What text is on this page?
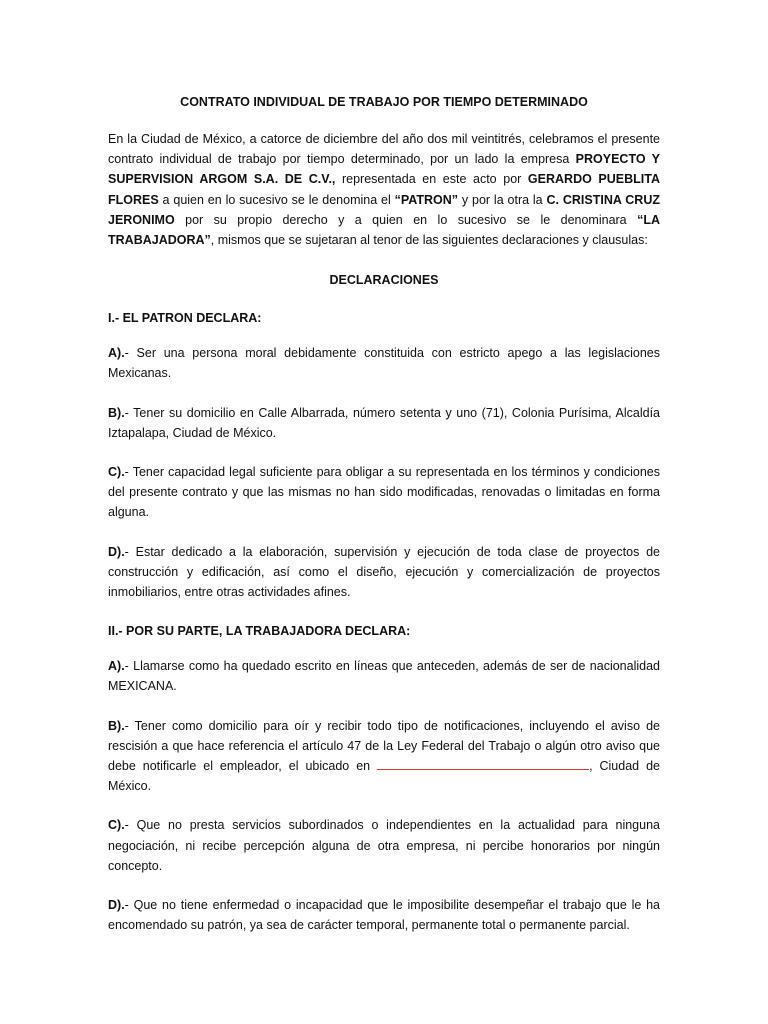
CONTRATO INDIVIDUAL DE TRABAJO POR TIEMPO DETERMINADO

En la Ciudad de México, a catorce de diciembre del año dos mil veintitrés, celebramos el presente contrato individual de trabajo por tiempo determinado, por un lado la empresa PROYECTO Y SUPERVISION ARGOM S.A. DE C.V., representada en este acto por GERARDO PUEBLITA FLORES a quien en lo sucesivo se le denomina el “PATRON” y por la otra la C. CRISTINA CRUZ JERONIMO por su propio derecho y a quien en lo sucesivo se le denominara “LA TRABAJADORA”, mismos que se sujetaran al tenor de las siguientes declaraciones y clausulas:

DECLARACIONES
I.- EL PATRON DECLARA:

A).- Ser una persona moral debidamente constituida con estricto apego a las legislaciones Mexicanas.

B).- Tener su domicilio en Calle Albarrada, número setenta y uno (71), Colonia Purísima, Alcaldía Iztapalapa, Ciudad de México.

C).- Tener capacidad legal suficiente para obligar a su representada en los términos y condiciones del presente contrato y que las mismas no han sido modificadas, renovadas o limitadas en forma alguna.

D).- Estar dedicado a la elaboración, supervisión y ejecución de toda clase de proyectos de construcción y edificación, así como el diseño, ejecución y comercialización de proyectos inmobiliarios, entre otras actividades afines.

II.- POR SU PARTE, LA TRABAJADORA DECLARA:

A).- Llamarse como ha quedado escrito en líneas que anteceden, además de ser de nacionalidad MEXICANA.

B).- Tener como domicilio para oír y recibir todo tipo de notificaciones, incluyendo el aviso de rescisión a que hace referencia el artículo 47 de la Ley Federal del Trabajo o algún otro aviso que debe notificarle el empleador, el ubicado en	, Ciudad de México.

C).- Que no presta servicios subordinados o independientes en la actualidad para ninguna negociación, ni recibe percepción alguna de otra empresa, ni percibe honorarios por ningún concepto.

D).- Que no tiene enfermedad o incapacidad que le imposibilite desempeñar el trabajo que le ha encomendado su patrón, ya sea de carácter temporal, permanente total o permanente parcial.
